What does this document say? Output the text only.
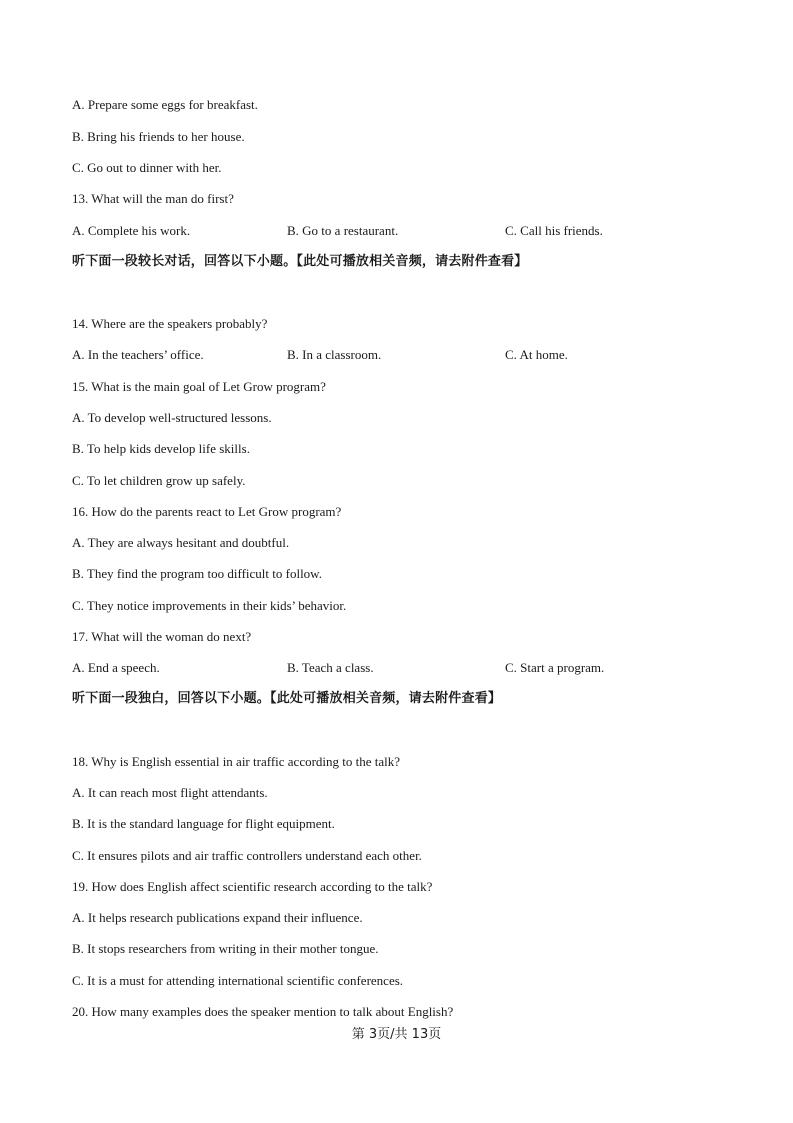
A. Prepare some eggs for breakfast.
B. Bring his friends to her house.
C. Go out to dinner with her.
13. What will the man do first?
A. Complete his work.	B. Go to a restaurant.	C. Call his friends.
听下面一段较长对话，回答以下小题。【此处可播放相关音频，请去附件查看】
14. Where are the speakers probably?
A. In the teachers’ office.	B. In a classroom.	C. At home.
15. What is the main goal of Let Grow program?
A. To develop well-structured lessons.
B. To help kids develop life skills.
C. To let children grow up safely.
16. How do the parents react to Let Grow program?
A. They are always hesitant and doubtful.
B. They find the program too difficult to follow.
C. They notice improvements in their kids’ behavior.
17. What will the woman do next?
A. End a speech.	B. Teach a class.	C. Start a program.
听下面一段独白，回答以下小题。【此处可播放相关音频，请去附件查看】
18. Why is English essential in air traffic according to the talk?
A. It can reach most flight attendants.
B. It is the standard language for flight equipment.
C. It ensures pilots and air traffic controllers understand each other.
19. How does English affect scientific research according to the talk?
A. It helps research publications expand their influence.
B. It stops researchers from writing in their mother tongue.
C. It is a must for attending international scientific conferences.
20. How many examples does the speaker mention to talk about English?
第 3页/共 13页
